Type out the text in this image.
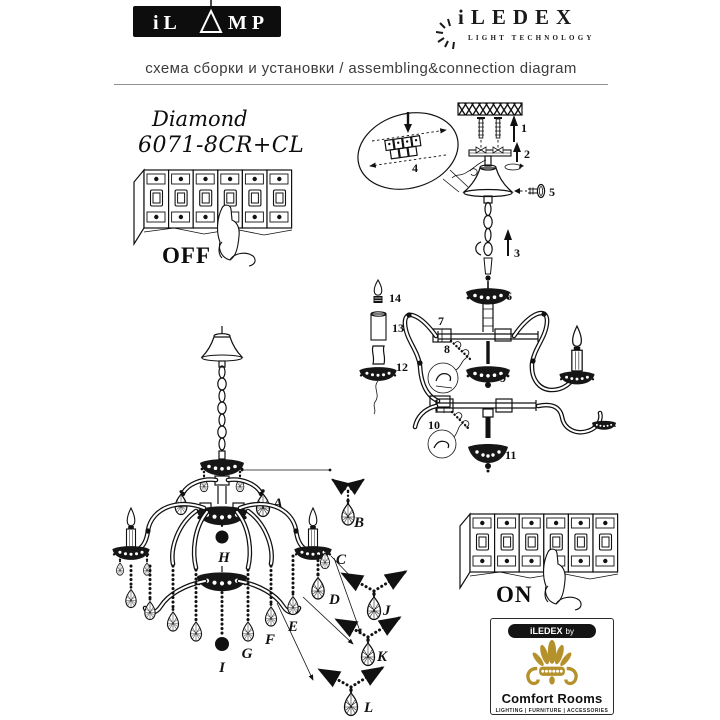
iL MP	iLEDEX
LIGHT TECHNOLOGY
схема сборки и установки / assembling&connection diagram
Diamond
6071-8CR+CL
OFF
ON
1
2
4
5
3
6
7
8
9
14
13
12
10
11
A
H
I
G
F
E
D
C
B
J
K
L
iLEDEX by
Comfort Rooms
LIGHTING | FURNITURE | ACCESSORIES
